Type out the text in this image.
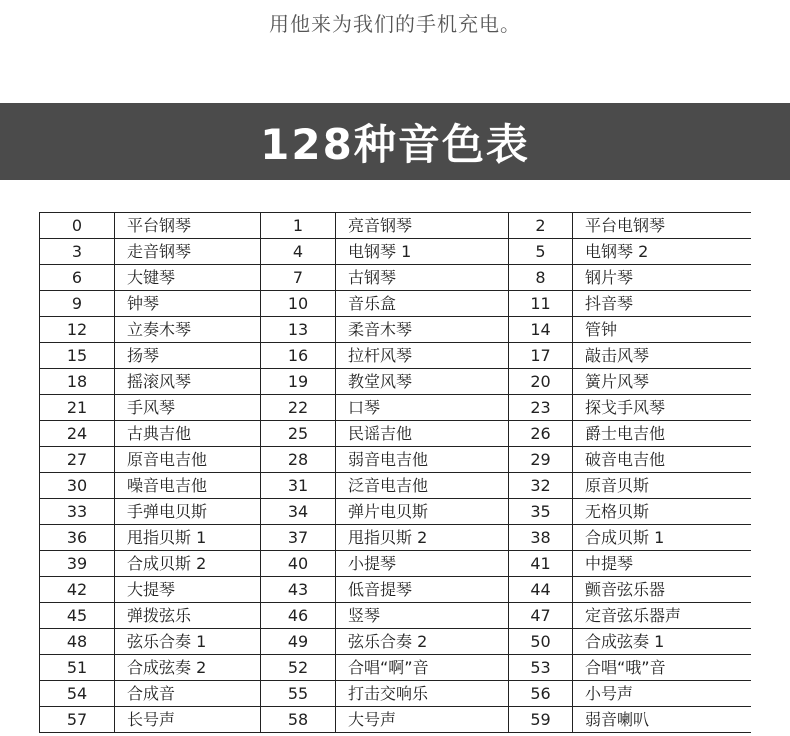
用他来为我们的手机充电。
128种音色表
0	平台钢琴	1	亮音钢琴	2	平台电钢琴
3	走音钢琴	4	电钢琴 1	5	电钢琴 2
6	大键琴	7	古钢琴	8	钢片琴
9	钟琴	10	音乐盒	11	抖音琴
12	立奏木琴	13	柔音木琴	14	管钟
15	扬琴	16	拉杆风琴	17	敲击风琴
18	摇滚风琴	19	教堂风琴	20	簧片风琴
21	手风琴	22	口琴	23	探戈手风琴
24	古典吉他	25	民谣吉他	26	爵士电吉他
27	原音电吉他	28	弱音电吉他	29	破音电吉他
30	噪音电吉他	31	泛音电吉他	32	原音贝斯
33	手弹电贝斯	34	弹片电贝斯	35	无格贝斯
36	甩指贝斯 1	37	甩指贝斯 2	38	合成贝斯 1
39	合成贝斯 2	40	小提琴	41	中提琴
42	大提琴	43	低音提琴	44	颤音弦乐器
45	弹拨弦乐	46	竖琴	47	定音弦乐器声
48	弦乐合奏 1	49	弦乐合奏 2	50	合成弦奏 1
51	合成弦奏 2	52	合唱“啊”音	53	合唱“哦”音
54	合成音	55	打击交响乐	56	小号声
57	长号声	58	大号声	59	弱音喇叭
